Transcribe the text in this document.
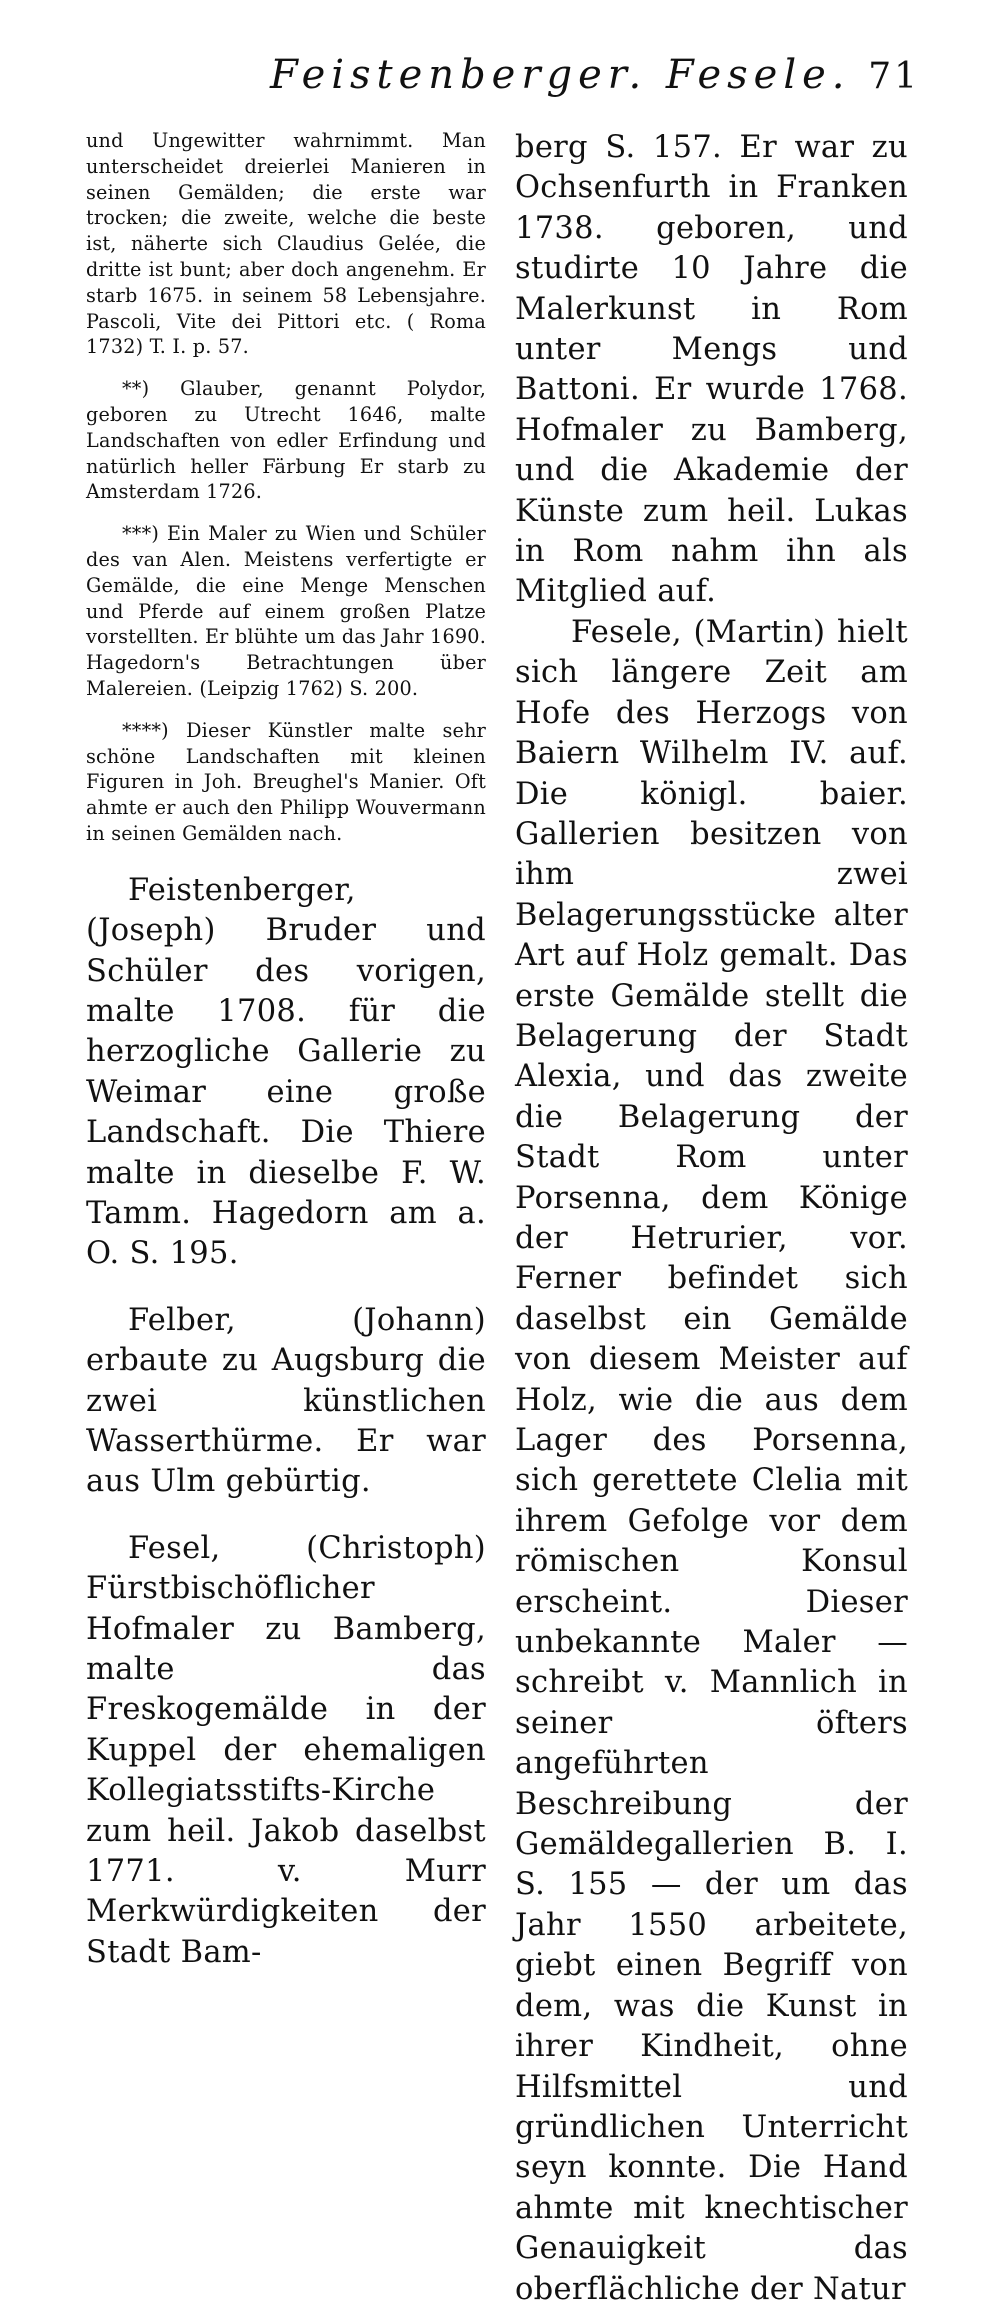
Feistenberger. Fesele. 71

und Ungewitter wahrnimmt. Man unterscheidet dreierlei Manieren in seinen Gemälden; die erste war trocken; die zweite, welche die beste ist, näherte sich Claudius Gelée, die dritte ist bunt; aber doch angenehm. Er starb 1675. in seinem 58 Lebensjahre. Pascoli, Vite dei Pittori etc. ( Roma 1732) T. I. p. 57.

**) Glauber, genannt Polydor, geboren zu Utrecht 1646, malte Landschaften von edler Erfindung und natürlich heller Färbung Er starb zu Amsterdam 1726.

***) Ein Maler zu Wien und Schüler des van Alen. Meistens verfertigte er Gemälde, die eine Menge Menschen und Pferde auf einem großen Platze vorstellten. Er blühte um das Jahr 1690. Hagedorn's Betrachtungen über Malereien. (Leipzig 1762) S. 200.

****) Dieser Künstler malte sehr schöne Landschaften mit kleinen Figuren in Joh. Breughel's Manier. Oft ahmte er auch den Philipp Wouvermann in seinen Gemälden nach.

Feistenberger, (Joseph) Bruder und Schüler des vorigen, malte 1708. für die herzogliche Gallerie zu Weimar eine große Landschaft. Die Thiere malte in dieselbe F. W. Tamm. Hagedorn am a. O. S. 195.

Felber, (Johann) erbaute zu Augsburg die zwei künstlichen Wasserthürme. Er war aus Ulm gebürtig.

Fesel, (Christoph) Fürstbischöflicher Hofmaler zu Bamberg, malte das Freskogemälde in der Kuppel der ehemaligen Kollegiatsstifts-Kirche zum heil. Jakob daselbst 1771. v. Murr Merkwürdigkeiten der Stadt Bam-

berg S. 157. Er war zu Ochsenfurth in Franken 1738. geboren, und studirte 10 Jahre die Malerkunst in Rom unter Mengs und Battoni. Er wurde 1768. Hofmaler zu Bamberg, und die Akademie der Künste zum heil. Lukas in Rom nahm ihn als Mitglied auf.

Fesele, (Martin) hielt sich längere Zeit am Hofe des Herzogs von Baiern Wilhelm IV. auf. Die königl. baier. Gallerien besitzen von ihm zwei Belagerungsstücke alter Art auf Holz gemalt. Das erste Gemälde stellt die Belagerung der Stadt Alexia, und das zweite die Belagerung der Stadt Rom unter Porsenna, dem Könige der Hetrurier, vor. Ferner befindet sich daselbst ein Gemälde von diesem Meister auf Holz, wie die aus dem Lager des Porsenna, sich gerettete Clelia mit ihrem Gefolge vor dem römischen Konsul erscheint. Dieser unbekannte Maler — schreibt v. Mannlich in seiner öfters angeführten Beschreibung der Gemäldegallerien B. I. S. 155 — der um das Jahr 1550 arbeitete, giebt einen Begriff von dem, was die Kunst in ihrer Kindheit, ohne Hilfsmittel und gründlichen Unterricht seyn konnte. Die Hand ahmte mit knechtischer Genauigkeit das oberflächliche der Natur
